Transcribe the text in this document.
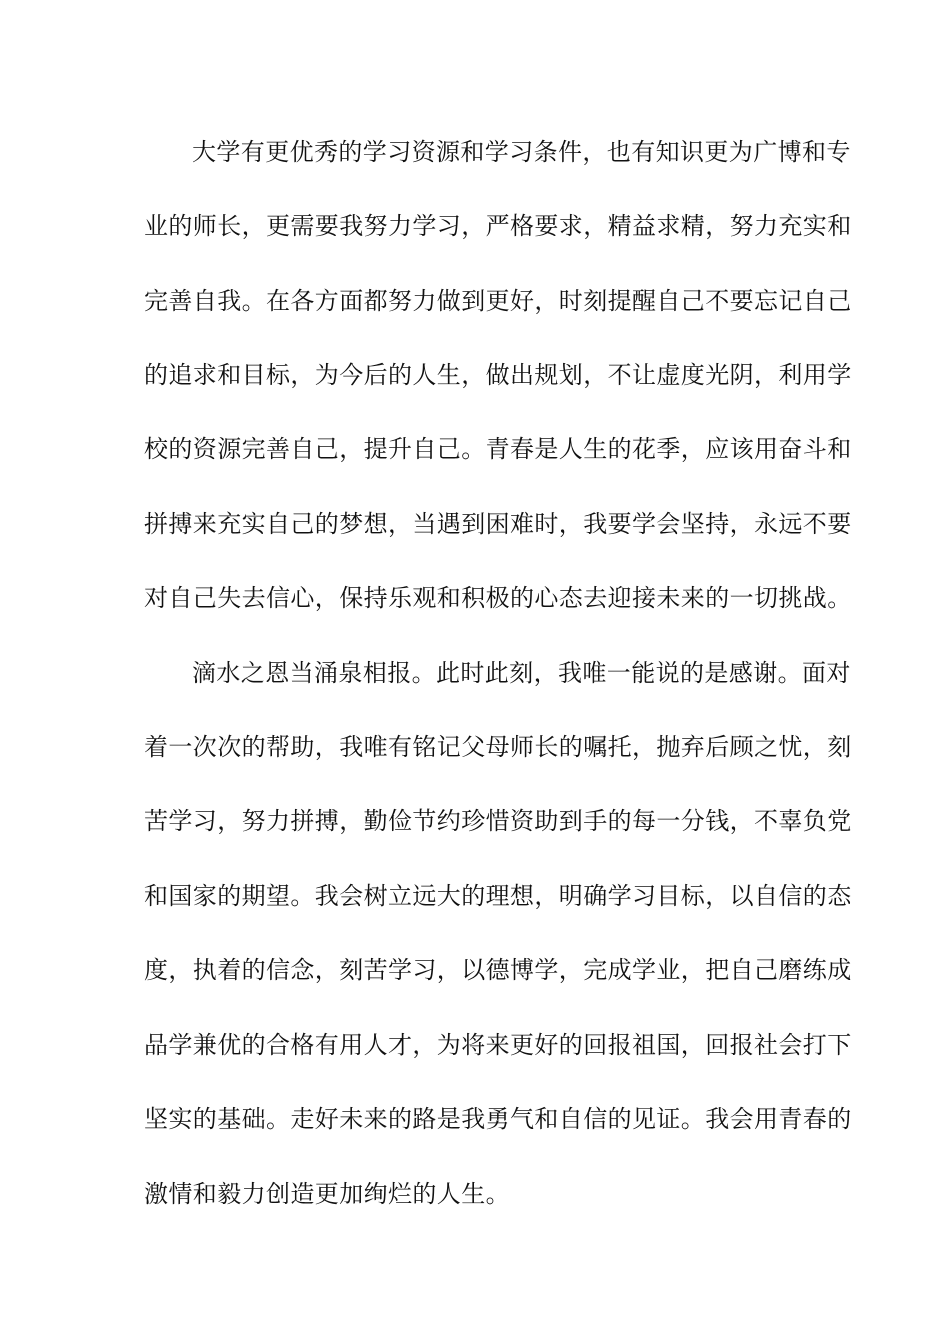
大学有更优秀的学习资源和学习条件，也有知识更为广博和专
业的师长，更需要我努力学习，严格要求，精益求精，努力充实和
完善自我。在各方面都努力做到更好，时刻提醒自己不要忘记自己
的追求和目标，为今后的人生，做出规划，不让虚度光阴，利用学
校的资源完善自己，提升自己。青春是人生的花季，应该用奋斗和
拼搏来充实自己的梦想，当遇到困难时，我要学会坚持，永远不要
对自己失去信心，保持乐观和积极的心态去迎接未来的一切挑战。
滴水之恩当涌泉相报。此时此刻，我唯一能说的是感谢。面对
着一次次的帮助，我唯有铭记父母师长的嘱托，抛弃后顾之忧，刻
苦学习，努力拼搏，勤俭节约珍惜资助到手的每一分钱，不辜负党
和国家的期望。我会树立远大的理想，明确学习目标，以自信的态
度，执着的信念，刻苦学习，以德博学，完成学业，把自己磨练成
品学兼优的合格有用人才，为将来更好的回报祖国，回报社会打下
坚实的基础。走好未来的路是我勇气和自信的见证。我会用青春的
激情和毅力创造更加绚烂的人生。
